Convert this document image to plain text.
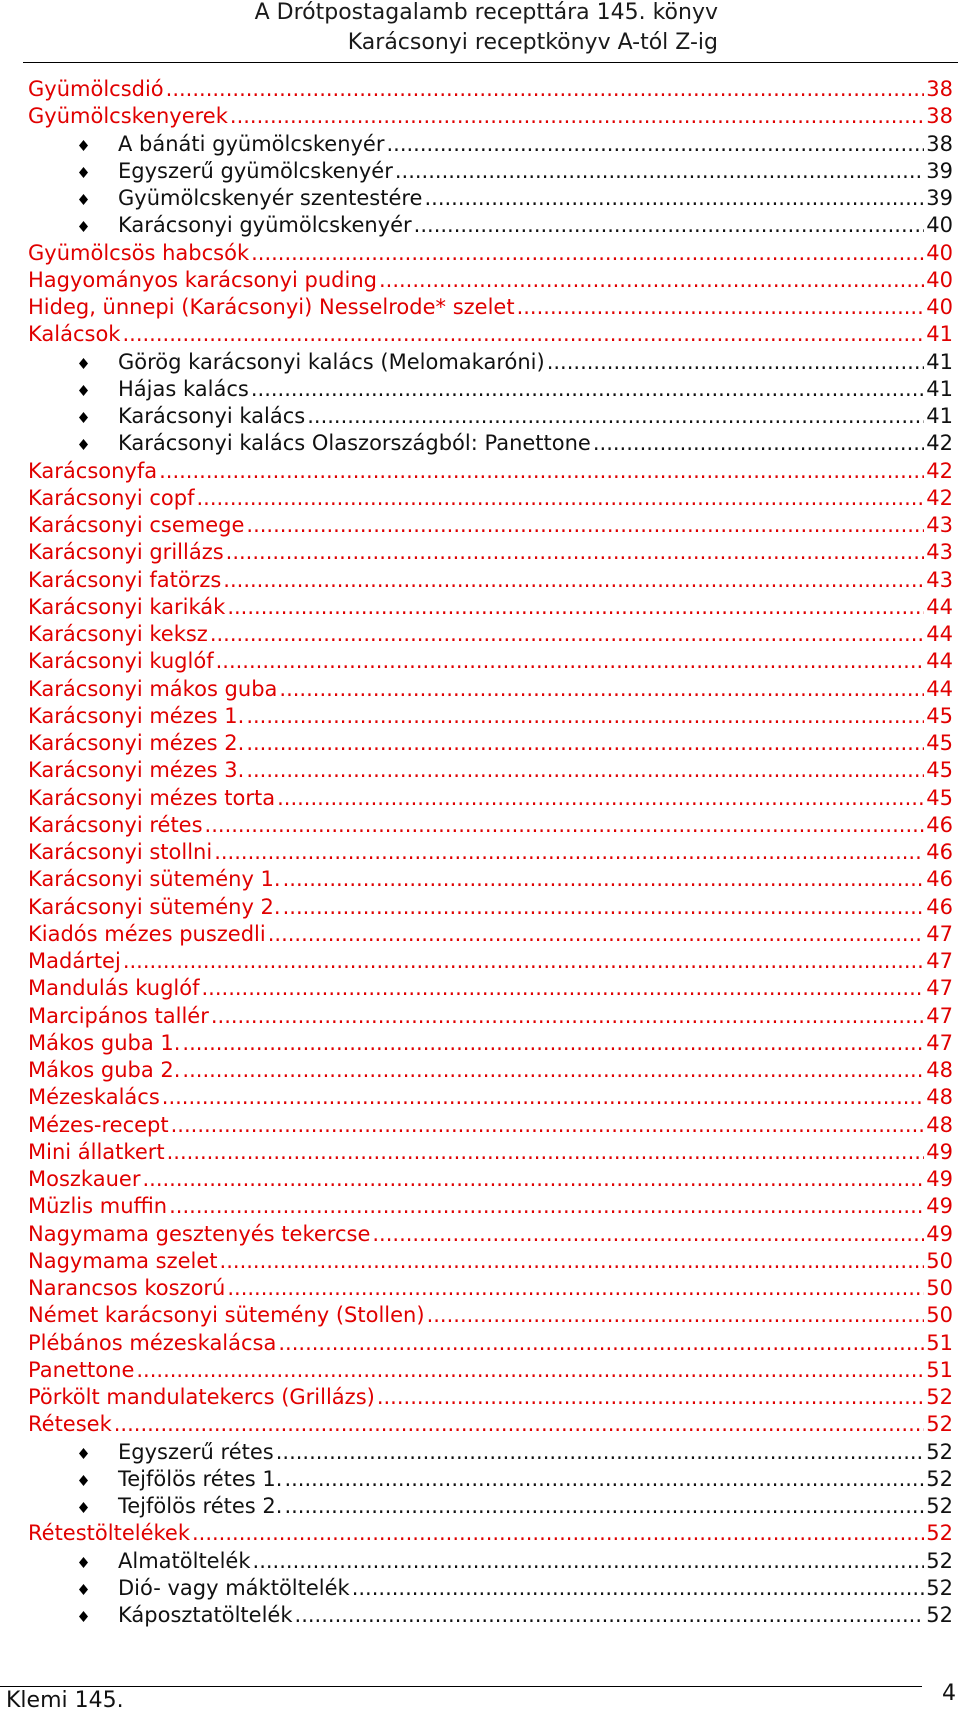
A Drótpostagalamb recepttára 145. könyv
Karácsonyi receptkönyv A-tól Z-ig
Gyümölcsdió .....	38
Gyümölcskenyerek .....	38
A bánáti gyümölcskenyér .....	38
Egyszerű gyümölcskenyér .....	39
Gyümölcskenyér szentestére .....	39
Karácsonyi gyümölcskenyér .....	40
Gyümölcsös habcsók .....	40
Hagyományos karácsonyi puding .....	40
Hideg, ünnepi (Karácsonyi) Nesselrode* szelet .....	40
Kalácsok .....	41
Görög karácsonyi kalács (Melomakaróni) .....	41
Hájas kalács .....	41
Karácsonyi kalács .....	41
Karácsonyi kalács Olaszországból: Panettone .....	42
Karácsonyfa .....	42
Karácsonyi copf .....	42
Karácsonyi csemege .....	43
Karácsonyi grillázs .....	43
Karácsonyi fatörzs .....	43
Karácsonyi karikák .....	44
Karácsonyi keksz .....	44
Karácsonyi kuglóf .....	44
Karácsonyi mákos guba .....	44
Karácsonyi mézes 1. .....	45
Karácsonyi mézes 2. .....	45
Karácsonyi mézes 3. .....	45
Karácsonyi mézes torta .....	45
Karácsonyi rétes .....	46
Karácsonyi stollni .....	46
Karácsonyi sütemény 1. .....	46
Karácsonyi sütemény 2. .....	46
Kiadós mézes puszedli .....	47
Madártej .....	47
Mandulás kuglóf .....	47
Marcipános tallér .....	47
Mákos guba 1. .....	47
Mákos guba 2. .....	48
Mézeskalács .....	48
Mézes-recept .....	48
Mini állatkert .....	49
Moszkauer .....	49
Müzlis muffin .....	49
Nagymama gesztenyés tekercse .....	49
Nagymama szelet .....	50
Narancsos koszorú .....	50
Német karácsonyi sütemény (Stollen) .....	50
Plébános mézeskalácsa .....	51
Panettone .....	51
Pörkölt mandulatekercs (Grillázs) .....	52
Rétesek .....	52
Egyszerű rétes .....	52
Tejfölös rétes 1. .....	52
Tejfölös rétes 2. .....	52
Rétestöltelékek .....	52
Almatöltelék .....	52
Dió- vagy máktöltelék .....	52
Káposztatöltelék .....	52
Klemi 145.	4
